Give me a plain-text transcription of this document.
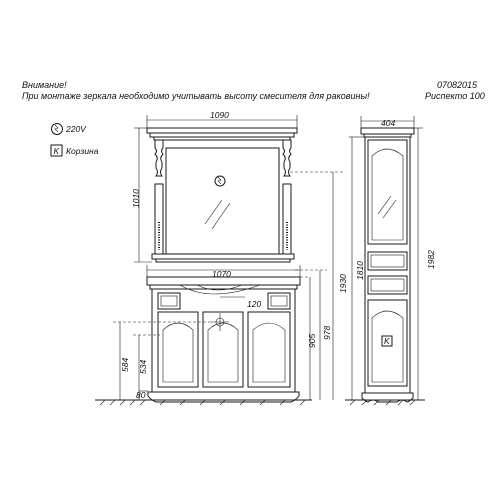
Внимание!
При монтаже зеркала необходимо учитывать высоту смесителя для раковины!
07082015
Риспекто 100
220V
Корзина
K
1090
1010
1070
120
584 534
80
905
978
1930
K
404
1982
1810
